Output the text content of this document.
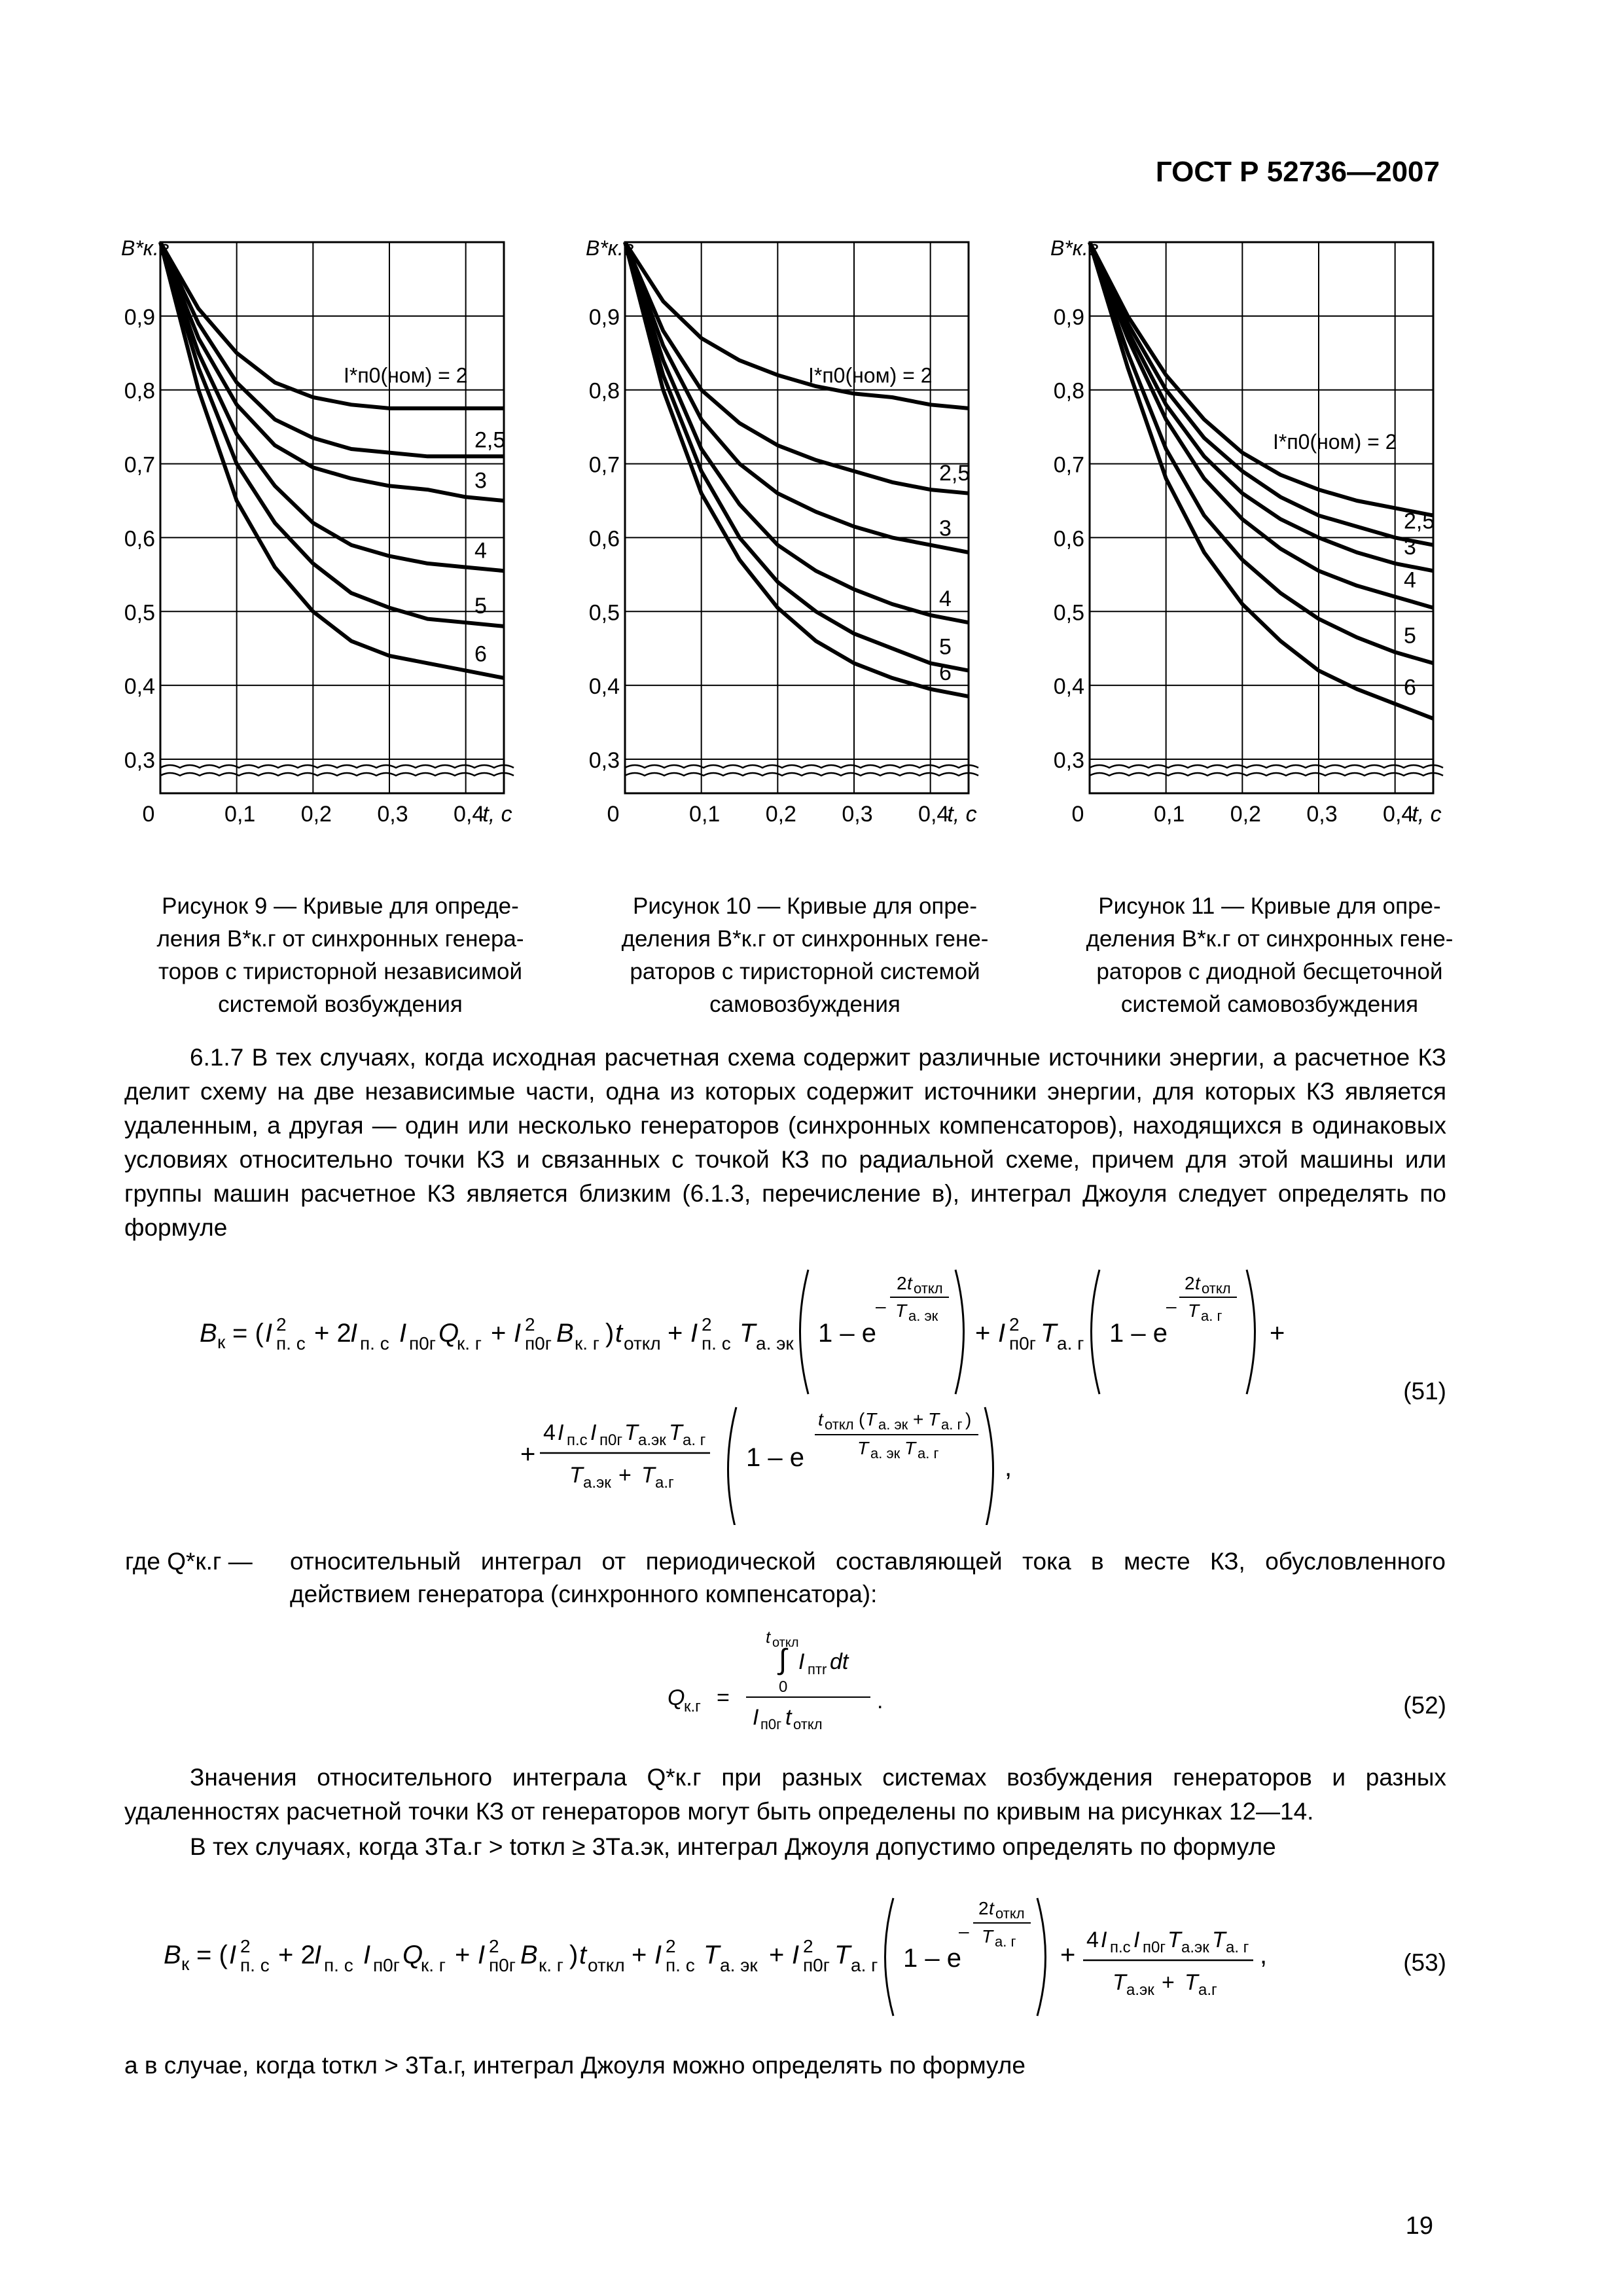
ГОСТ Р 52736—2007
0,3
0,4
0,5
0,6
0,7
0,8
0,9
0	0,1 0,2 0,3 0,4
t, с
B*к.г
I*п0(ном) = 2
2,5
3
4
5
6
0,3
0,4
0,5
0,6
0,7
0,8
0,9
0	0,1 0,2 0,3 0,4
t, с
B*к.г
I*п0(ном) = 2
2,5
3
4
5
6
0,3
0,4
0,5
0,6
0,7
0,8
0,9
0	0,1 0,2 0,3 0,4
t, с
B*к.г
I*п0(ном) = 2
2,5
3
4
5
6
Рисунок 9 — Кривые для опреде-
ления B*к.г от синхронных генера-
торов с тиристорной независимой
системой возбуждения
Рисунок 10 — Кривые для опре-
деления B*к.г от синхронных гене-
раторов с тиристорной системой
самовозбуждения
Рисунок 11 — Кривые для опре-
деления B*к.г от синхронных гене-
раторов с диодной бесщеточной
системой самовозбуждения
6.1.7 В тех случаях, когда исходная расчетная схема содержит различные источники энергии, а расчетное КЗ делит схему на две независимые части, одна из которых содержит источники энергии, для которых КЗ является удаленным, а другая — один или несколько генераторов (синхронных компенсаторов), находящихся в одинаковых условиях относительно точки КЗ и связанных с точкой КЗ по радиальной схеме, причем для этой машины или группы машин расчетное КЗ является близким (6.1.3, перечисление в), интеграл Джоуля следует определять по формуле
B к = ( I 2
п. с + 2
I п. с I п0г Q
к. г + I 2
п0г B к. г ) t откл + I 2
п. с T а. эк 1 – e
–
2 t откл
T а. эк
+ I 2
п0г T а. г 1 – e
–
2 t откл
T а. г
+
+
4 I п.с I п0г T а.эк T а. г
T а.эк + T а.г
1 – e
t откл ( T а. эк + T а. г )
T а. эк T а. г	,
(51)
где Q*к.г —	относительный интеграл от периодической составляющей тока в месте КЗ, обусловленного действием генератора (синхронного компенсатора):
t откл
∫ I птr dt
0
Q
к.г =
I п0г t откл
.	(52)
Значения относительного интеграла Q*к.г при разных системах возбуждения генераторов и разных удаленностях расчетной точки КЗ от генераторов могут быть определены по кривым на рисунках 12—14.
В тех случаях, когда 3Tа.г > tоткл ≥ 3Tа.эк, интеграл Джоуля допустимо определять по формуле
B к = ( I 2
п. с + 2
I п. с I п0г Q
к. г + I 2
п0г B к. г ) t откл + I 2
п. с T а. эк + I 2
п0г T а. г 1 – e
–
2 t откл
T а. г +
4 I п.с I п0г T а.эк T а. г
T а.эк + T а.г
,	(53)
а в случае, когда tоткл > 3Tа.г, интеграл Джоуля можно определять по формуле
19
